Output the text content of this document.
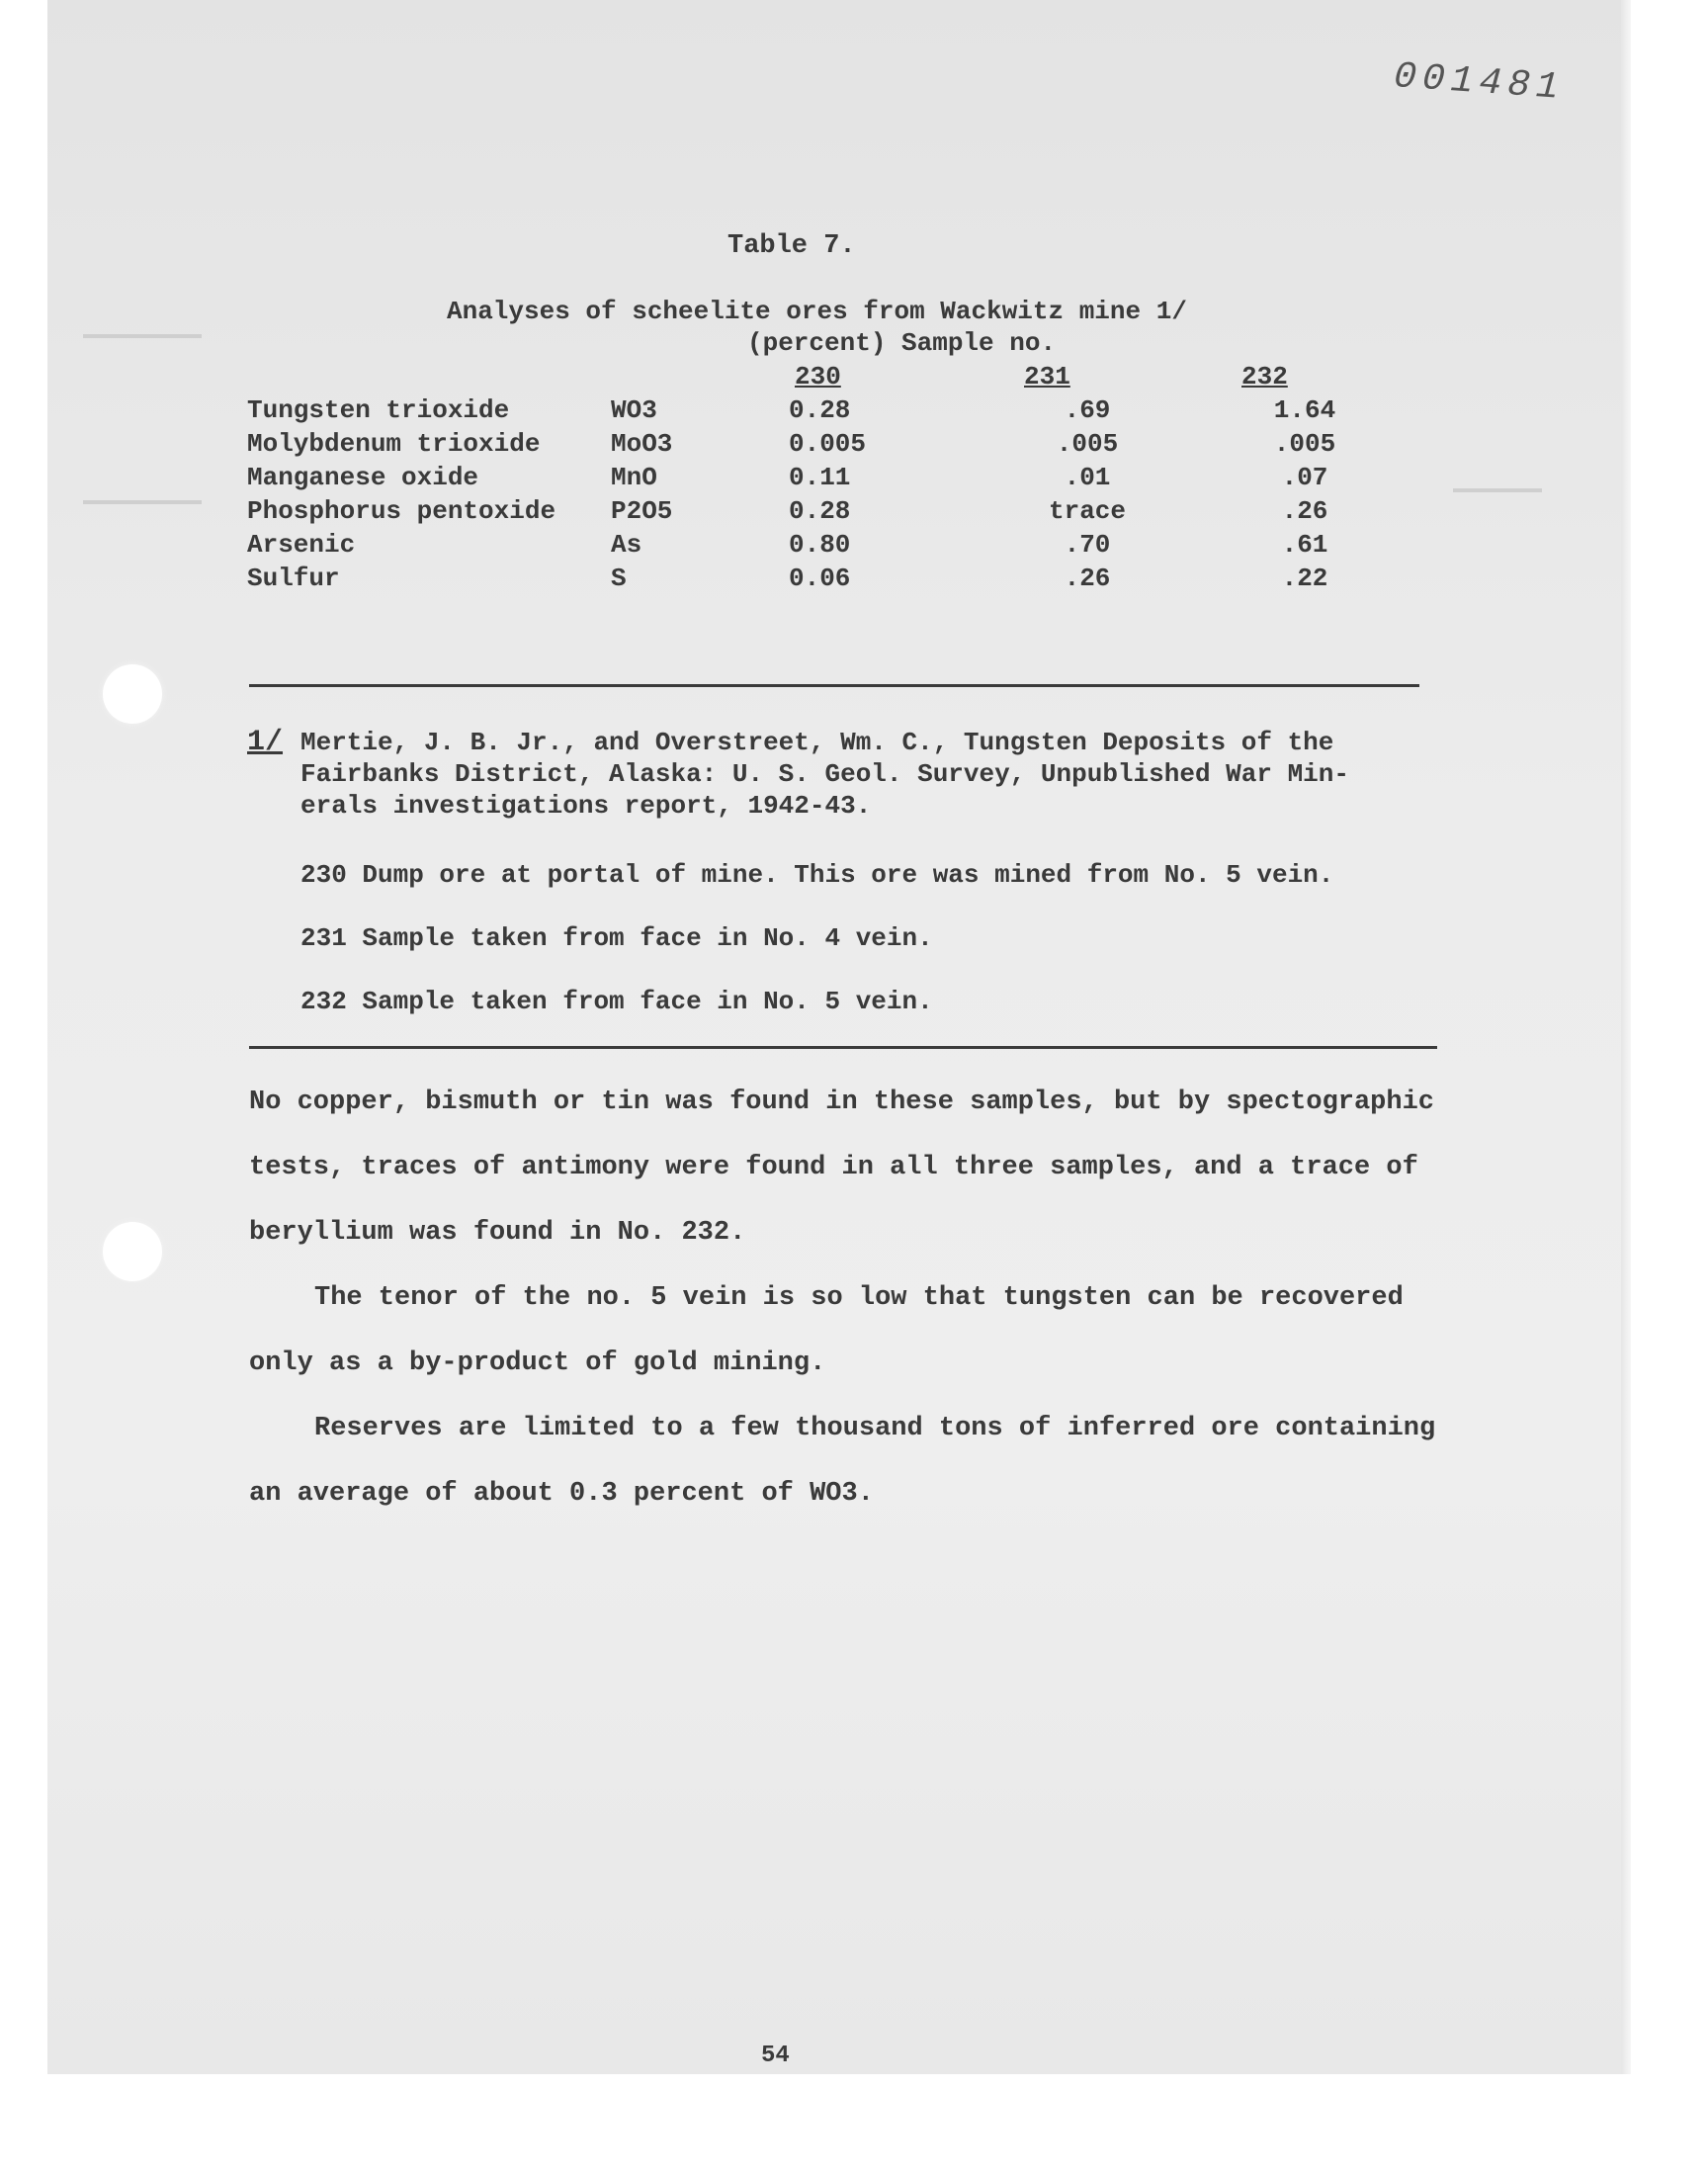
001481
Table 7.
Analyses of scheelite ores from Wackwitz mine 1/
(percent) Sample no.
230	231	232
Tungsten trioxide	WO3	0.28	.69	1.64
Molybdenum trioxide	MoO3	0.005	.005	.005
Manganese oxide	MnO	0.11	.01	.07
Phosphorus pentoxide P2O5	0.28	trace	.26
Arsenic	As	0.80	.70	.61
Sulfur	S	0.06	.26	.22
1/ Mertie, J. B. Jr., and Overstreet, Wm. C., Tungsten Deposits of the
Fairbanks District, Alaska: U. S. Geol. Survey, Unpublished War Min-
erals investigations report, 1942-43.
230 Dump ore at portal of mine. This ore was mined from No. 5 vein.
231 Sample taken from face in No. 4 vein.
232 Sample taken from face in No. 5 vein.
No copper, bismuth or tin was found in these samples, but by spectographic
tests, traces of antimony were found in all three samples, and a trace of
beryllium was found in No. 232.
The tenor of the no. 5 vein is so low that tungsten can be recovered
only as a by-product of gold mining.
Reserves are limited to a few thousand tons of inferred ore containing
an average of about 0.3 percent of WO3.
54
